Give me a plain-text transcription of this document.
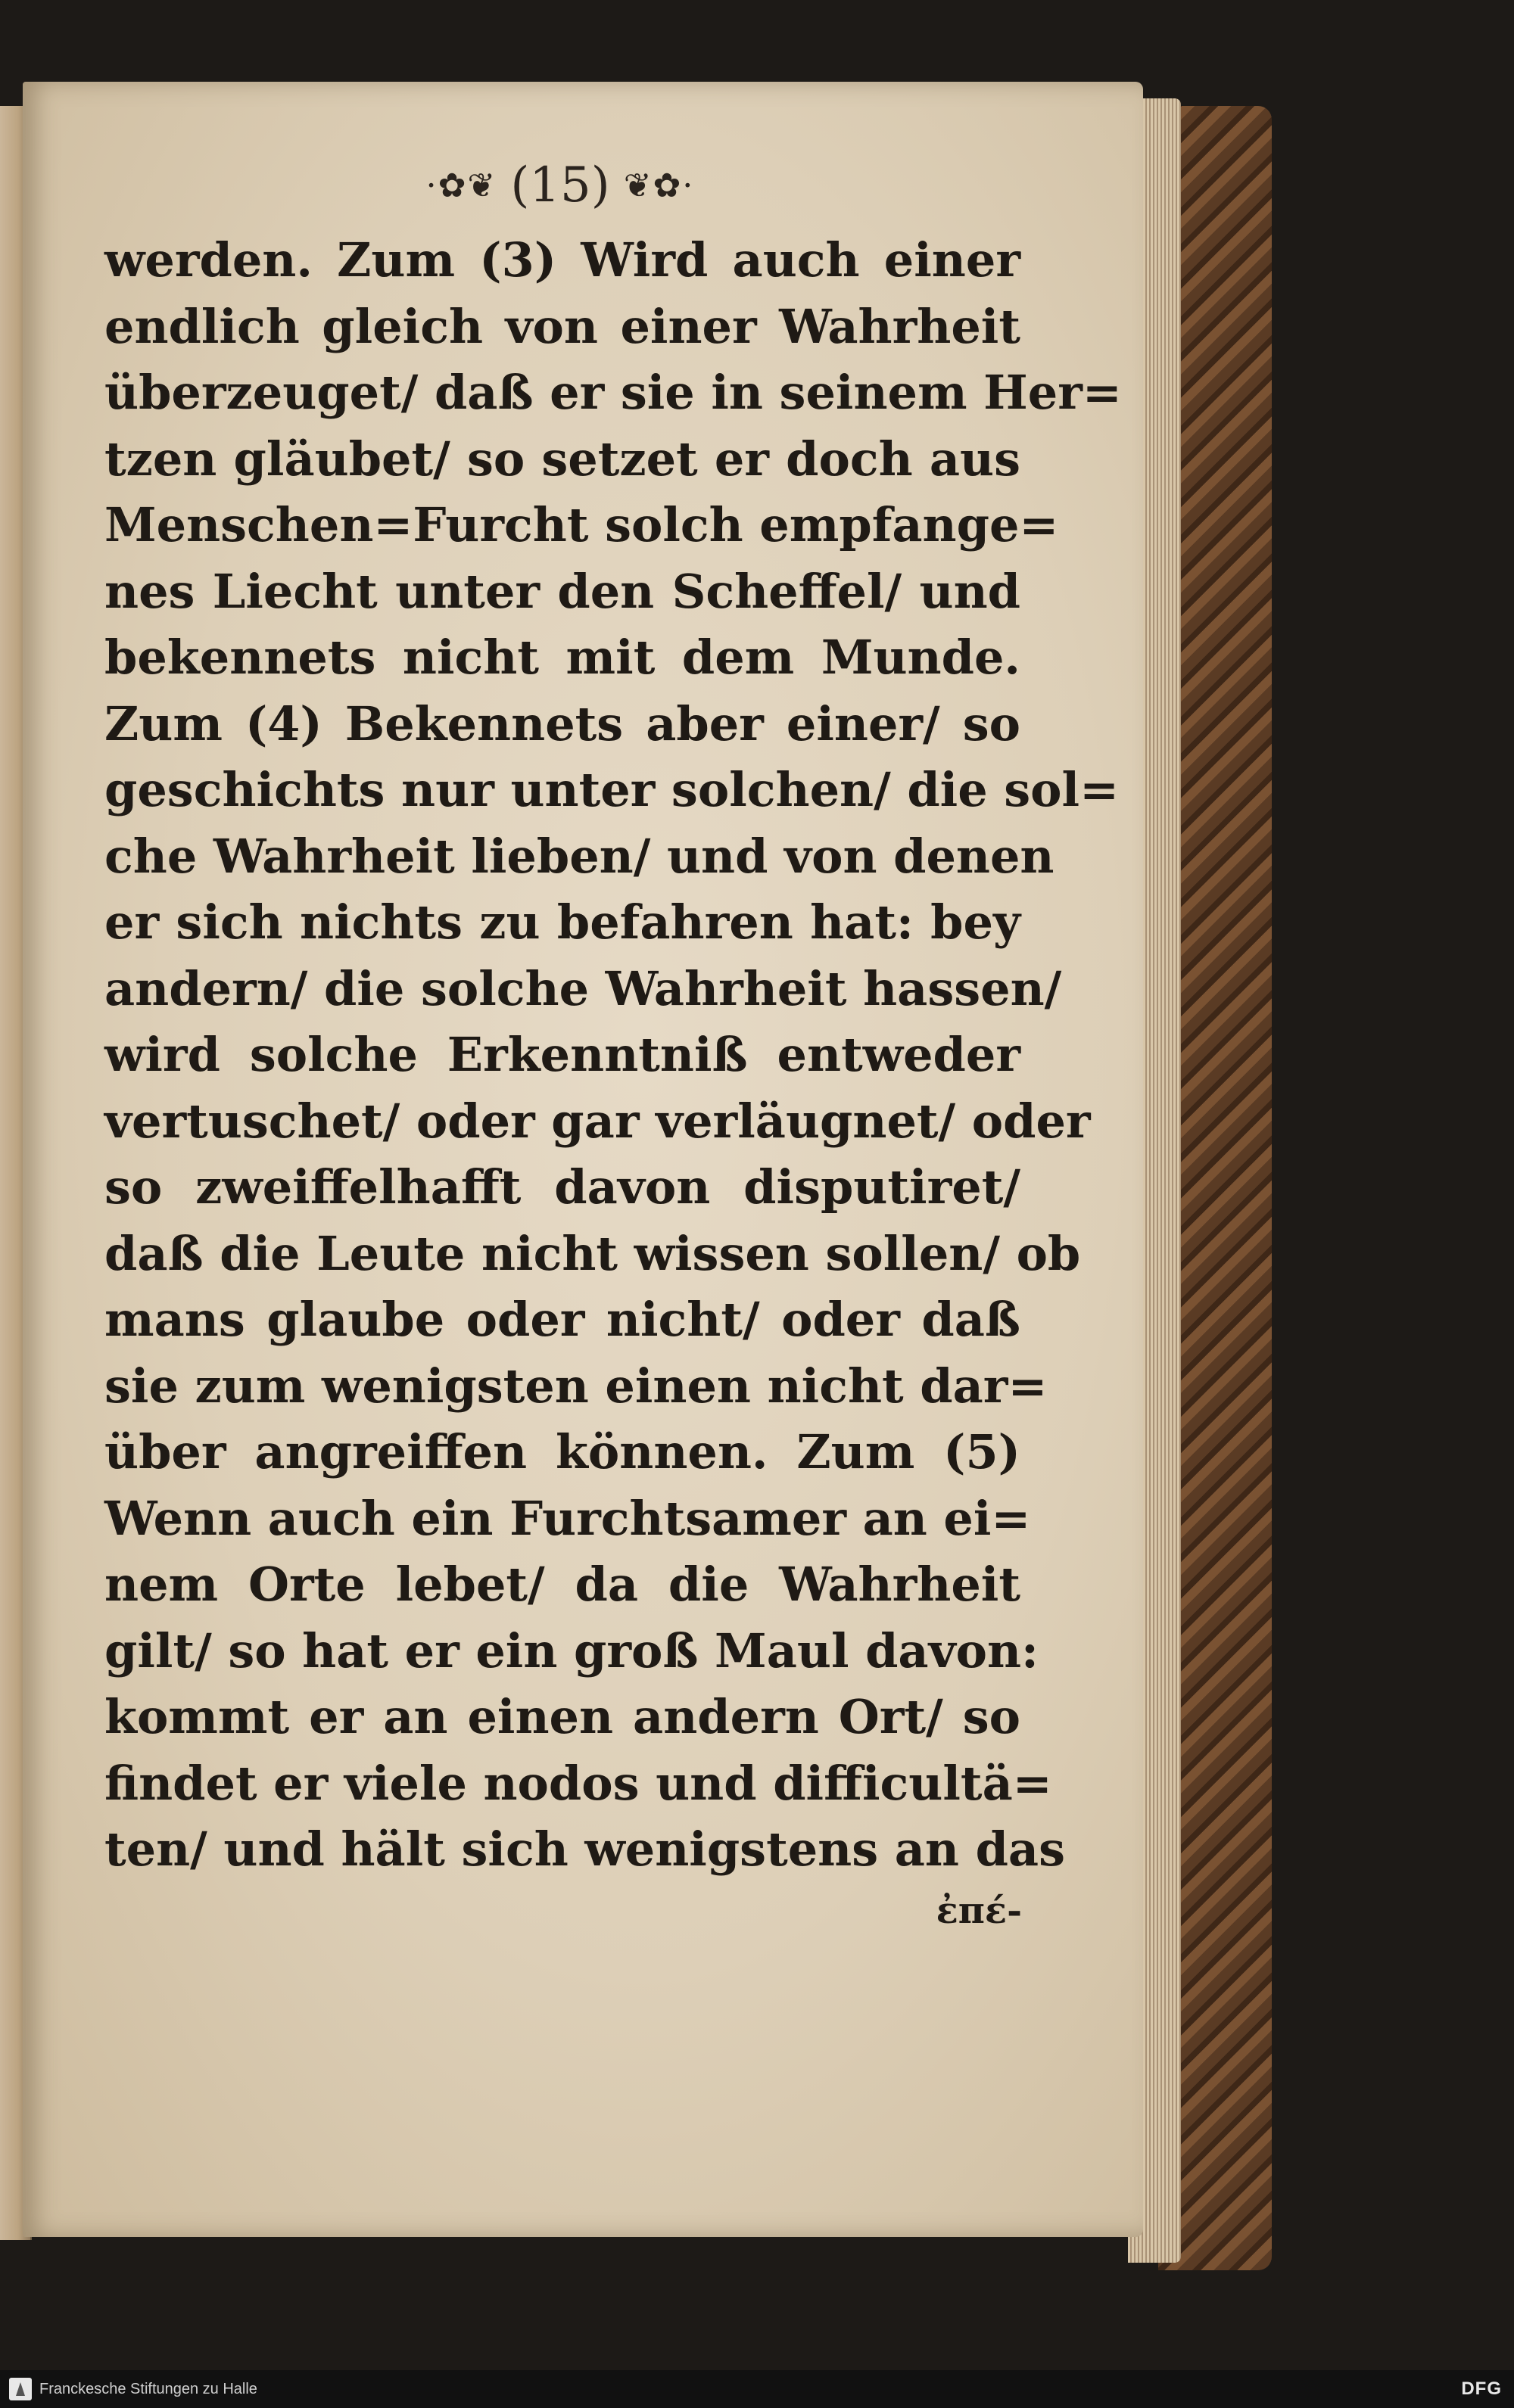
·✿❦ (15) ❦✿·
werden. Zum (3) Wird auch einer
endlich gleich von einer Wahrheit
überzeuget/ daß er sie in seinem Her=
tzen gläubet/ so setzet er doch aus
Menschen=Furcht solch empfange=
nes Liecht unter den Scheffel/ und
bekennets nicht mit dem Munde.
Zum (4) Bekennets aber einer/ so
geschichts nur unter solchen/ die sol=
che Wahrheit lieben/ und von denen
er sich nichts zu befahren hat: bey
andern/ die solche Wahrheit hassen/
wird solche Erkenntniß entweder
vertuschet/ oder gar verläugnet/ oder
so zweiffelhafft davon disputiret/
daß die Leute nicht wissen sollen/ ob
mans glaube oder nicht/ oder daß
sie zum wenigsten einen nicht dar=
über angreiffen können. Zum (5)
Wenn auch ein Furchtsamer an ei=
nem Orte lebet/ da die Wahrheit
gilt/ so hat er ein groß Maul davon:
kommt er an einen andern Ort/ so
findet er viele nodos und difficultä=
ten/ und hält sich wenigstens an das
ἐπέ-
Franckesche Stiftungen zu Halle	DFG
